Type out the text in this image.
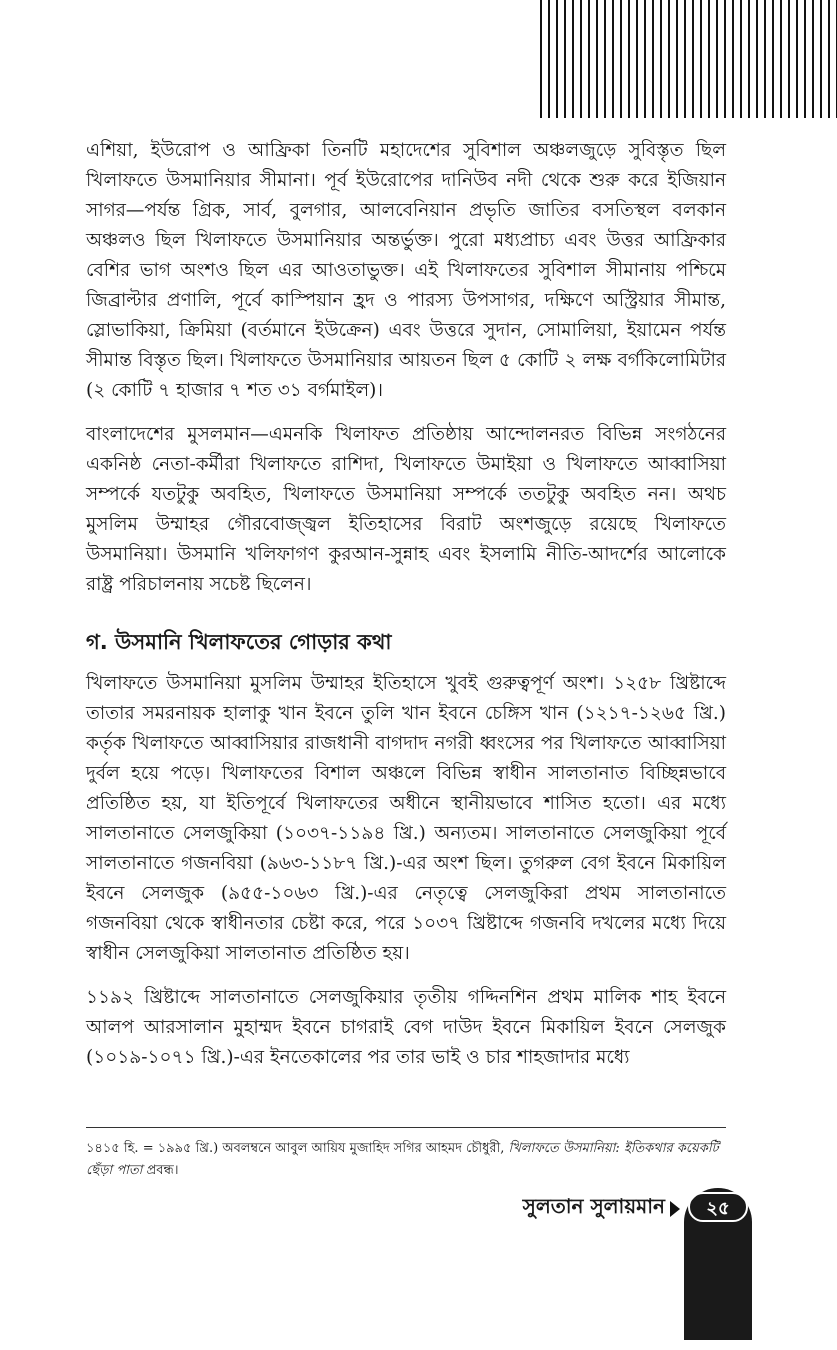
এশিয়া, ইউরোপ ও আফ্রিকা তিনটি মহাদেশের সুবিশাল অঞ্চলজুড়ে সুবিস্তৃত ছিল খিলাফতে উসমানিয়ার সীমানা। পূর্ব ইউরোপের দানিউব নদী থেকে শুরু করে ইজিয়ান সাগর—পর্যন্ত গ্রিক, সার্ব, বুলগার, আলবেনিয়ান প্রভৃতি জাতির বসতিস্থল বলকান অঞ্চলও ছিল খিলাফতে উসমানিয়ার অন্তর্ভুক্ত। পুরো মধ্যপ্রাচ্য এবং উত্তর আফ্রিকার বেশির ভাগ অংশও ছিল এর আওতাভুক্ত। এই খিলাফতের সুবিশাল সীমানায় পশ্চিমে জিব্রাল্টার প্রণালি, পূর্বে কাস্পিয়ান হ্রদ ও পারস্য উপসাগর, দক্ষিণে অস্ট্রিয়ার সীমান্ত, স্লোভাকিয়া, ক্রিমিয়া (বর্তমানে ইউক্রেন) এবং উত্তরে সুদান, সোমালিয়া, ইয়ামেন পর্যন্ত সীমান্ত বিস্তৃত ছিল। খিলাফতে উসমানিয়ার আয়তন ছিল ৫ কোটি ২ লক্ষ বর্গকিলোমিটার (২ কোটি ৭ হাজার ৭ শত ৩১ বর্গমাইল)।

বাংলাদেশের মুসলমান—এমনকি খিলাফত প্রতিষ্ঠায় আন্দোলনরত বিভিন্ন সংগঠনের একনিষ্ঠ নেতা-কর্মীরা খিলাফতে রাশিদা, খিলাফতে উমাইয়া ও খিলাফতে আব্বাসিয়া সম্পর্কে যতটুকু অবহিত, খিলাফতে উসমানিয়া সম্পর্কে ততটুকু অবহিত নন। অথচ মুসলিম উম্মাহর গৌরবোজ্জ্বল ইতিহাসের বিরাট অংশজুড়ে রয়েছে খিলাফতে উসমানিয়া। উসমানি খলিফাগণ কুরআন-সুন্নাহ এবং ইসলামি নীতি-আদর্শের আলোকে রাষ্ট্র পরিচালনায় সচেষ্ট ছিলেন।

গ. উসমানি খিলাফতের গোড়ার কথা

খিলাফতে উসমানিয়া মুসলিম উম্মাহর ইতিহাসে খুবই গুরুত্বপূর্ণ অংশ। ১২৫৮ খ্রিষ্টাব্দে তাতার সমরনায়ক হালাকু খান ইবনে তুলি খান ইবনে চেঙ্গিস খান (১২১৭-১২৬৫ খ্রি.) কর্তৃক খিলাফতে আব্বাসিয়ার রাজধানী বাগদাদ নগরী ধ্বংসের পর খিলাফতে আব্বাসিয়া দুর্বল হয়ে পড়ে। খিলাফতের বিশাল অঞ্চলে বিভিন্ন স্বাধীন সালতানাত বিচ্ছিন্নভাবে প্রতিষ্ঠিত হয়, যা ইতিপূর্বে খিলাফতের অধীনে স্থানীয়ভাবে শাসিত হতো। এর মধ্যে সালতানাতে সেলজুকিয়া (১০৩৭-১১৯৪ খ্রি.) অন্যতম। সালতানাতে সেলজুকিয়া পূর্বে সালতানাতে গজনবিয়া (৯৬৩-১১৮৭ খ্রি.)-এর অংশ ছিল। তুগরুল বেগ ইবনে মিকায়িল ইবনে সেলজুক (৯৫৫-১০৬৩ খ্রি.)-এর নেতৃত্বে সেলজুকিরা প্রথম সালতানাতে গজনবিয়া থেকে স্বাধীনতার চেষ্টা করে, পরে ১০৩৭ খ্রিষ্টাব্দে গজনবি দখলের মধ্যে দিয়ে স্বাধীন সেলজুকিয়া সালতানাত প্রতিষ্ঠিত হয়।

১১৯২ খ্রিষ্টাব্দে সালতানাতে সেলজুকিয়ার তৃতীয় গদ্দিনশিন প্রথম মালিক শাহ ইবনে আলপ আরসালান মুহাম্মদ ইবনে চাগরাই বেগ দাউদ ইবনে মিকায়িল ইবনে সেলজুক (১০১৯-১০৭১ খ্রি.)-এর ইনতেকালের পর তার ভাই ও চার শাহজাদার মধ্যে

১৪১৫ হি. = ১৯৯৫ খ্রি.) অবলম্বনে আবুল আয়িয মুজাহিদ সগির আহমদ চৌধুরী, খিলাফতে উসমানিয়া: ইতিকথার কয়েকটি ছেঁড়া পাতা প্রবন্ধ।
সুলতান সুলায়মান	২৫
